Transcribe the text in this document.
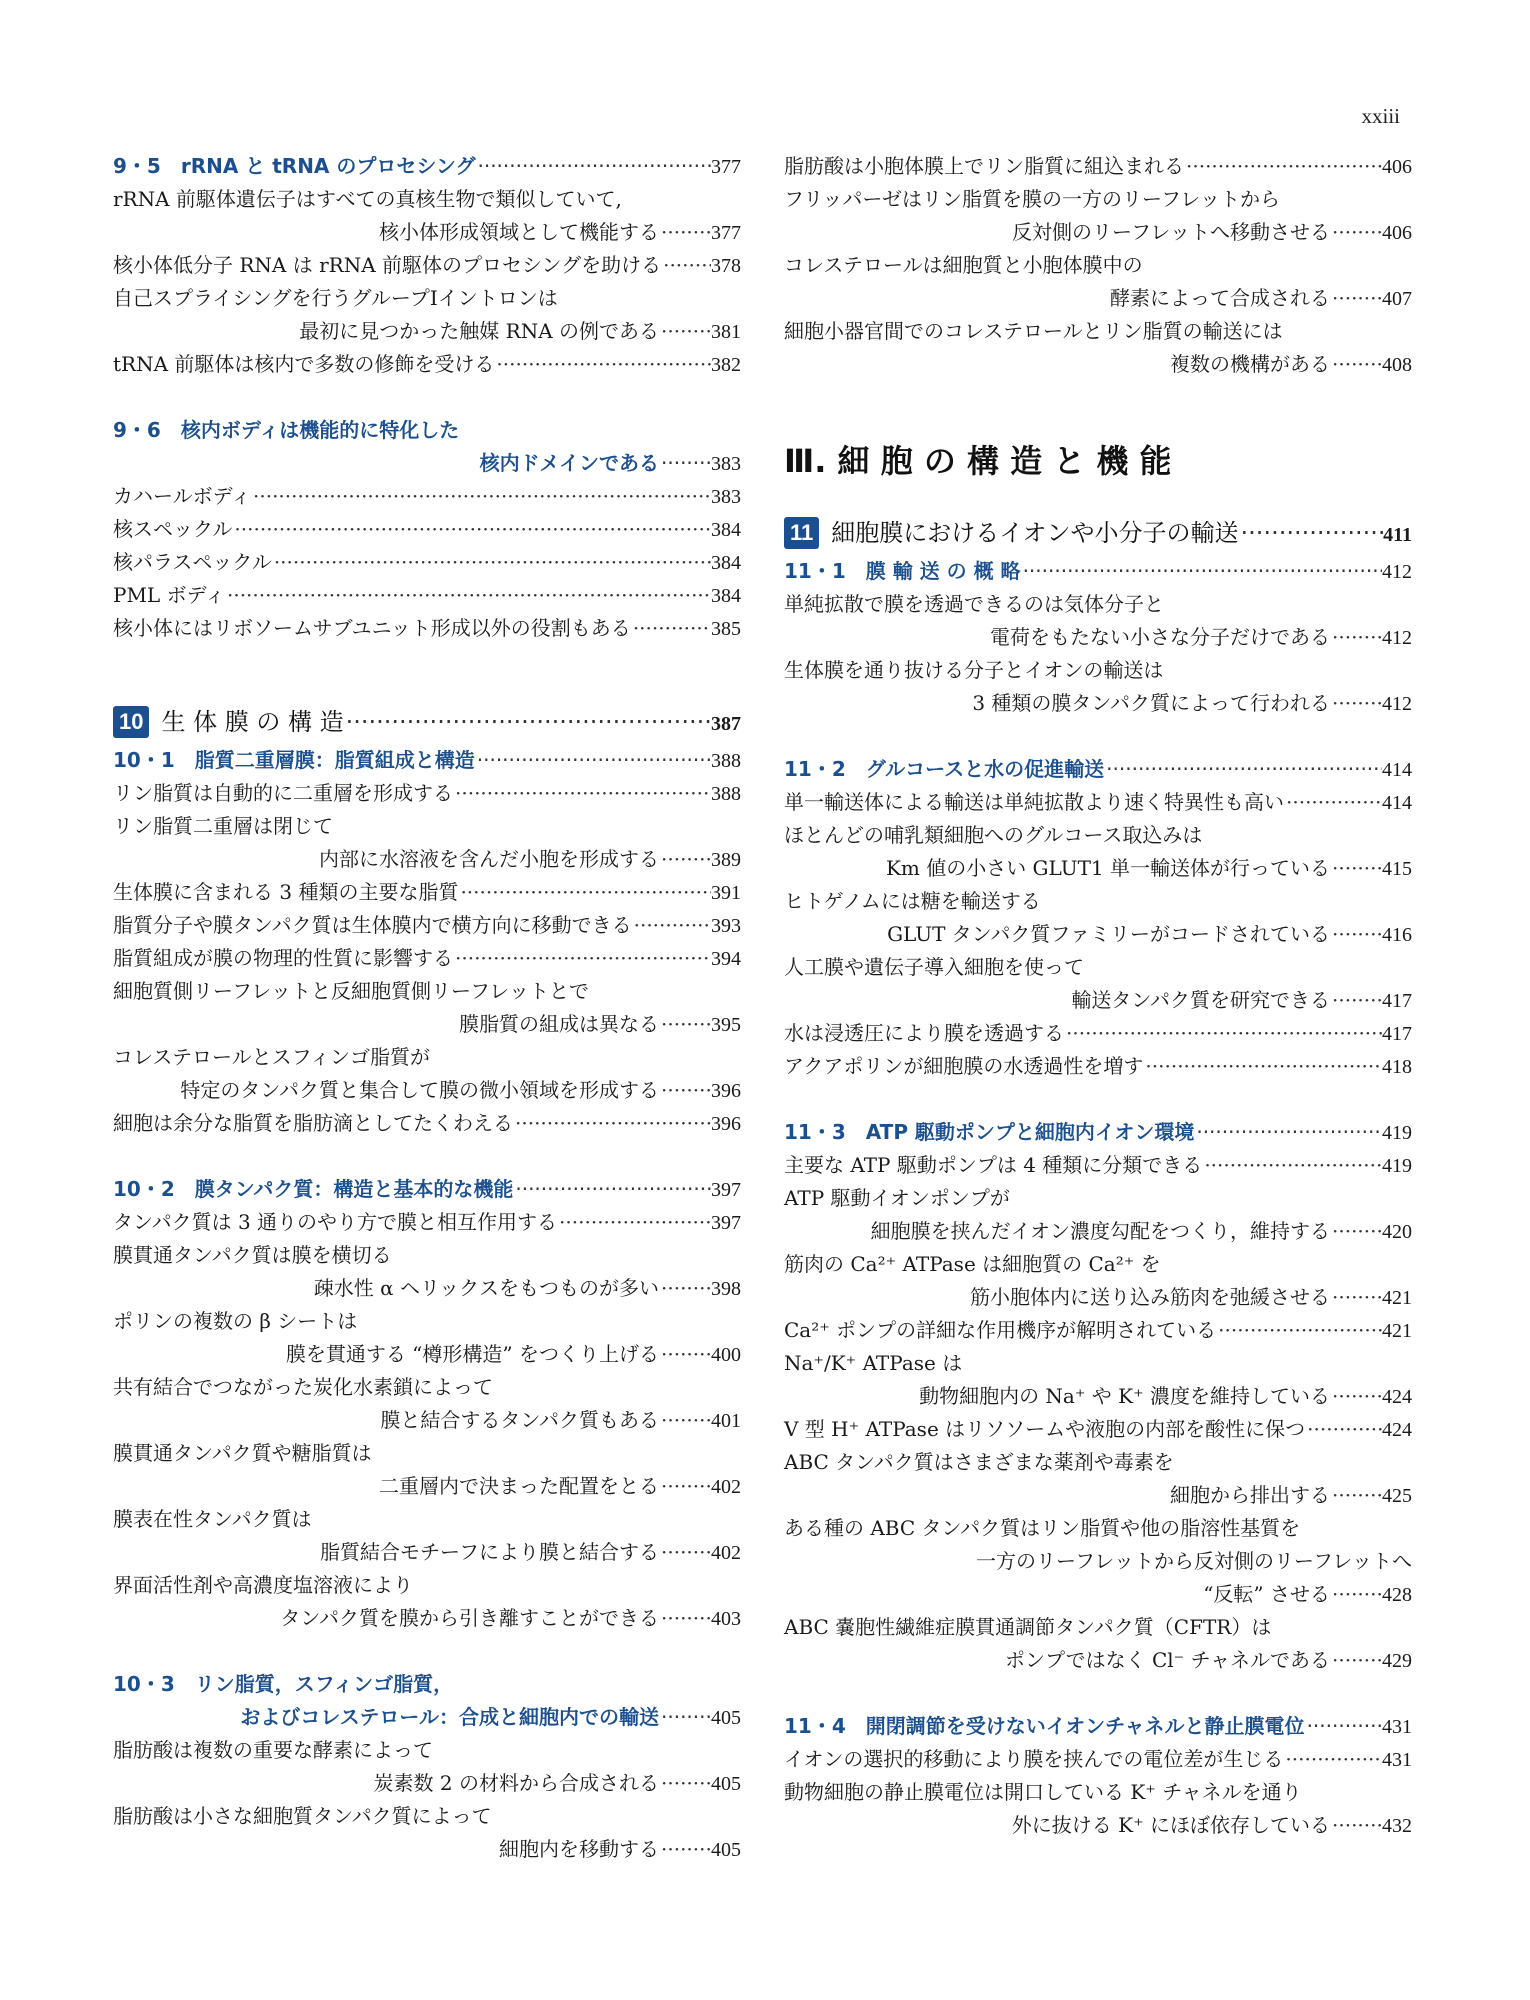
xxiii
9・5　rRNA と tRNA のプロセシング ·····	377
rRNA 前駆体遺伝子はすべての真核生物で類似していて,
核小体形成領域として機能する ·····	377
核小体低分子 RNA は rRNA 前駆体のプロセシングを助ける ····· 378
自己スプライシングを行うグループⅠイントロンは
最初に見つかった触媒 RNA の例である ·····	381
tRNA 前駆体は核内で多数の修飾を受ける ·····	382
9・6　核内ボディは機能的に特化した
核内ドメインである ·····	383
カハールボディ ·····	383
核スペックル ·····	384
核パラスペックル ·····	384
PML ボディ ·····	384
核小体にはリボソームサブユニット形成以外の役割もある ·····	385
10 生 体 膜 の 構 造 ·····	387
10・1　脂質二重層膜：脂質組成と構造 ·····	388
リン脂質は自動的に二重層を形成する ·····	388
リン脂質二重層は閉じて
内部に水溶液を含んだ小胞を形成する ·····	389
生体膜に含まれる 3 種類の主要な脂質 ·····	391
脂質分子や膜タンパク質は生体膜内で横方向に移動できる ·····	393
脂質組成が膜の物理的性質に影響する ·····	394
細胞質側リーフレットと反細胞質側リーフレットとで
膜脂質の組成は異なる ·····	395
コレステロールとスフィンゴ脂質が
特定のタンパク質と集合して膜の微小領域を形成する ·····	396
細胞は余分な脂質を脂肪滴としてたくわえる ·····	396
10・2　膜タンパク質：構造と基本的な機能 ·····	397
タンパク質は 3 通りのやり方で膜と相互作用する ·····	397
膜貫通タンパク質は膜を横切る
疎水性 α ヘリックスをもつものが多い ·····	398
ポリンの複数の β シートは
膜を貫通する “樽形構造” をつくり上げる ·····	400
共有結合でつながった炭化水素鎖によって
膜と結合するタンパク質もある ·····	401
膜貫通タンパク質や糖脂質は
二重層内で決まった配置をとる ·····	402
膜表在性タンパク質は
脂質結合モチーフにより膜と結合する ·····	402
界面活性剤や高濃度塩溶液により
タンパク質を膜から引き離すことができる ·····	403
10・3　リン脂質，スフィンゴ脂質，
およびコレステロール：合成と細胞内での輸送 ·····	405
脂肪酸は複数の重要な酵素によって
炭素数 2 の材料から合成される ·····	405
脂肪酸は小さな細胞質タンパク質によって
細胞内を移動する ·····	405
脂肪酸は小胞体膜上でリン脂質に組込まれる ·····	406
フリッパーゼはリン脂質を膜の一方のリーフレットから
反対側のリーフレットへ移動させる ·····	406
コレステロールは細胞質と小胞体膜中の
酵素によって合成される ·····	407
細胞小器官間でのコレステロールとリン脂質の輸送には
複数の機構がある ·····	408
Ⅲ. 細 胞 の 構 造 と 機 能
11 細胞膜におけるイオンや小分子の輸送 ·····	411
11・1　膜 輸 送 の 概 略 ·····	412
単純拡散で膜を透過できるのは気体分子と
電荷をもたない小さな分子だけである ·····	412
生体膜を通り抜ける分子とイオンの輸送は
3 種類の膜タンパク質によって行われる ·····	412
11・2　グルコースと水の促進輸送 ·····	414
単一輸送体による輸送は単純拡散より速く特異性も高い ·····	414
ほとんどの哺乳類細胞へのグルコース取込みは
Km 値の小さい GLUT1 単一輸送体が行っている ·····	415
ヒトゲノムには糖を輸送する
GLUT タンパク質ファミリーがコードされている ·····	416
人工膜や遺伝子導入細胞を使って
輸送タンパク質を研究できる ·····	417
水は浸透圧により膜を透過する ·····	417
アクアポリンが細胞膜の水透過性を増す ·····	418
11・3　ATP 駆動ポンプと細胞内イオン環境 ·····	419
主要な ATP 駆動ポンプは 4 種類に分類できる ·····	419
ATP 駆動イオンポンプが
細胞膜を挟んだイオン濃度勾配をつくり，維持する ·····	420
筋肉の Ca²⁺ ATPase は細胞質の Ca²⁺ を
筋小胞体内に送り込み筋肉を弛緩させる ·····	421
Ca²⁺ ポンプの詳細な作用機序が解明されている ·····	421
Na⁺/K⁺ ATPase は
動物細胞内の Na⁺ や K⁺ 濃度を維持している ·····	424
V 型 H⁺ ATPase はリソソームや液胞の内部を酸性に保つ ·····	424
ABC タンパク質はさまざまな薬剤や毒素を
細胞から排出する ·····	425
ある種の ABC タンパク質はリン脂質や他の脂溶性基質を
一方のリーフレットから反対側のリーフレットへ
“反転” させる ·····	428
ABC 嚢胞性繊維症膜貫通調節タンパク質（CFTR）は
ポンプではなく Cl⁻ チャネルである ·····	429
11・4　開閉調節を受けないイオンチャネルと静止膜電位 ·····	431
イオンの選択的移動により膜を挟んでの電位差が生じる ·····	431
動物細胞の静止膜電位は開口している K⁺ チャネルを通り
外に抜ける K⁺ にほぼ依存している ·····	432
